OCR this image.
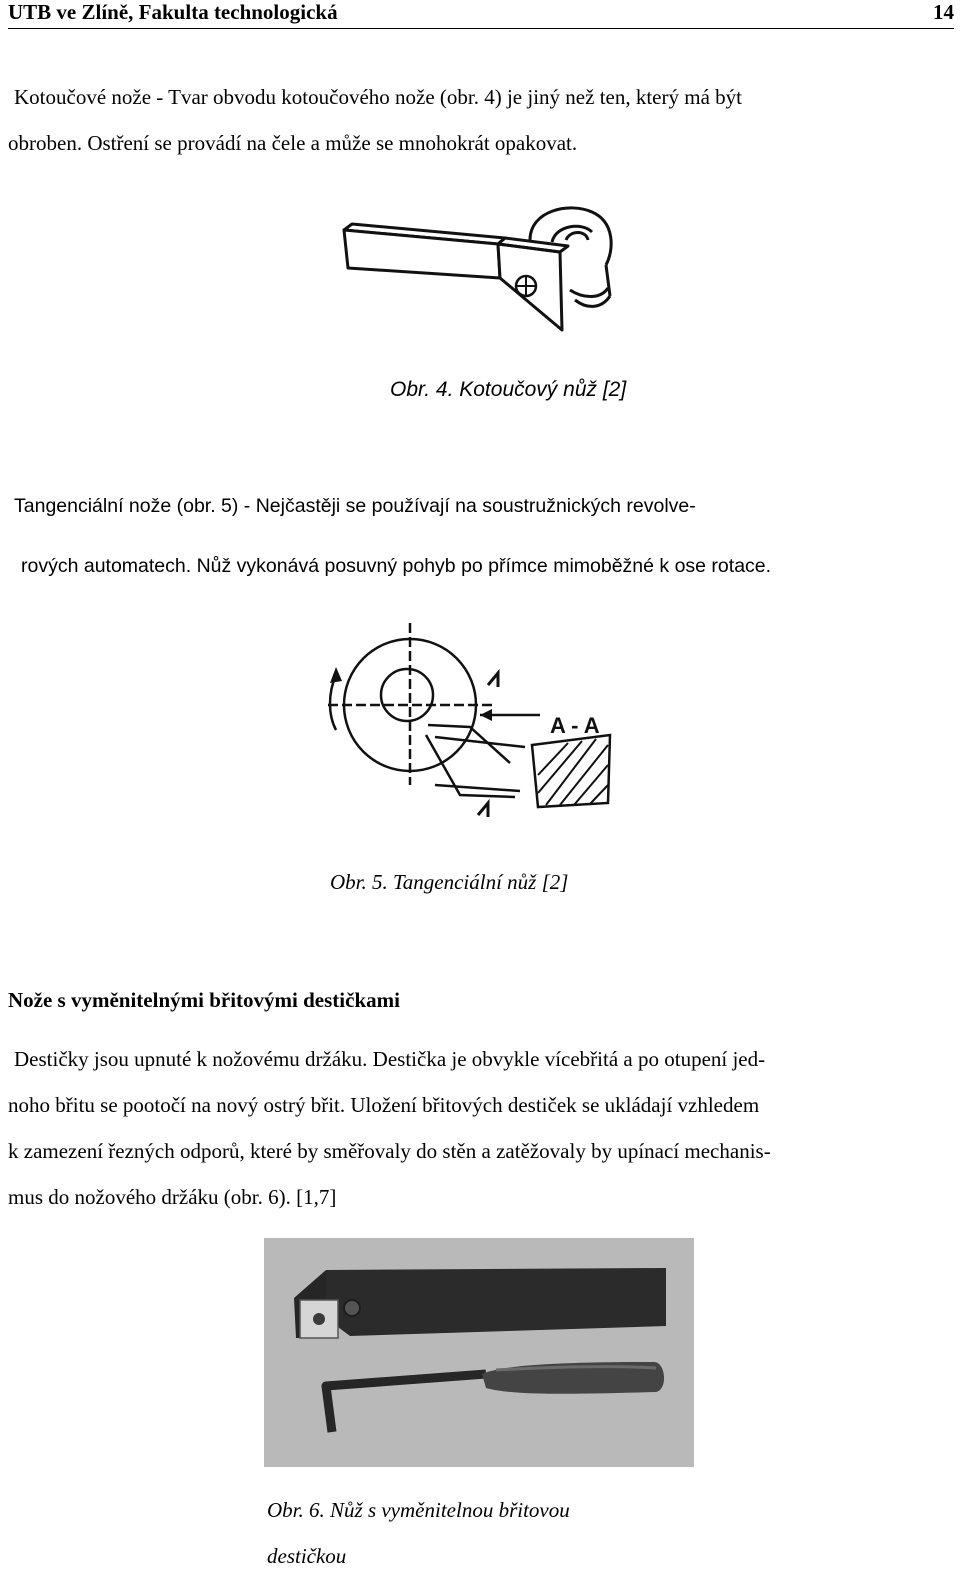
UTB ve Zlíně, Fakulta technologická	14
Kotoučové nože - Tvar obvodu kotoučového nože (obr. 4) je jiný než ten, který má být
obroben. Ostření se provádí na čele a může se mnohokrát opakovat.
Obr. 4. Kotoučový nůž [2]
Tangenciální nože (obr. 5) - Nejčastěji se používají na soustružnických revolve-
rových automatech. Nůž vykonává posuvný pohyb po přímce mimoběžné k ose rotace.
A - A
Obr. 5. Tangenciální nůž [2]
Nože s vyměnitelnými břitovými destičkami
Destičky jsou upnuté k nožovému držáku. Destička je obvykle vícebřitá a po otupení jed-
noho břitu se pootočí na nový ostrý břit. Uložení břitových destiček se ukládají vzhledem
k zamezení řezných odporů, které by směřovaly do stěn a zatěžovaly by upínací mechanis-
mus do nožového držáku (obr. 6). [1,7]
Obr. 6. Nůž s vyměnitelnou břitovou
destičkou
